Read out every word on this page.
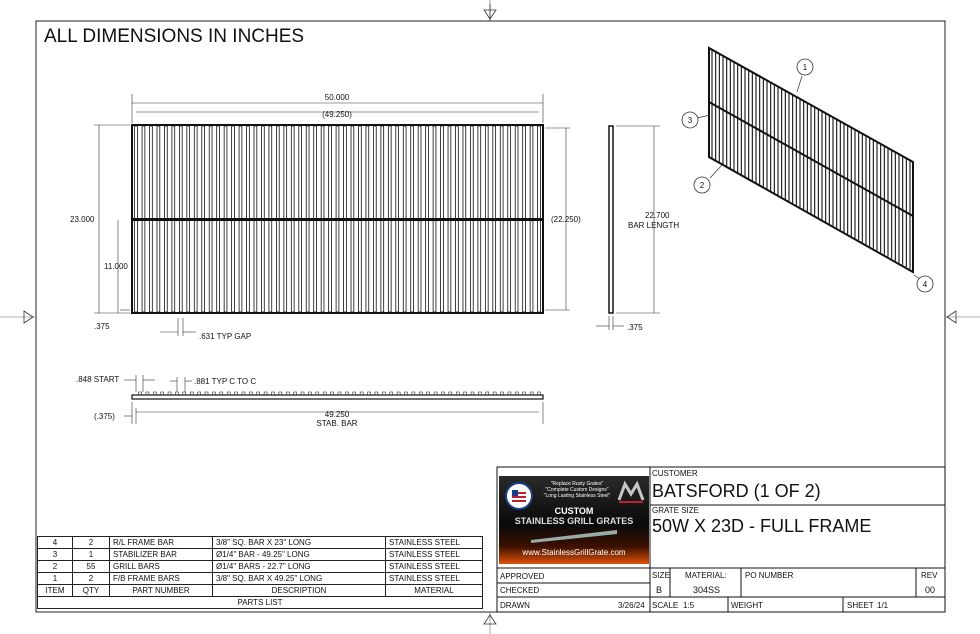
50.000
(49.250)
23.000	(22.250)
11.000
.375
.631 TYP GAP
22.700
BAR LENGTH
.375
.848 START	.881 TYP C TO C
(.375)	49.250
STAB. BAR
1
2
3
4
ALL DIMENSIONS IN INCHES
4	2	R/L FRAME BAR	3/8" SQ. BAR X 23" LONG	STAINLESS STEEL
3	1	STABILIZER BAR	Ø1/4" BAR - 49.25" LONG	STAINLESS STEEL
2	55	GRILL BARS	Ø1/4" BARS - 22.7" LONG	STAINLESS STEEL
1	2	F/B FRAME BARS	3/8" SQ. BAR X 49.25" LONG	STAINLESS STEEL
ITEM	QTY	PART NUMBER	DESCRIPTION	MATERIAL
PARTS LIST				
"Replace Rusty Grates"
"Complete Custom Designs"
"Long Lasting Stainless Steel"
CUSTOM
STAINLESS GRILL GRATES
www.StainlessGrillGrate.com
CUSTOMER
BATSFORD (1 OF 2)
GRATE SIZE
50W X 23D - FULL FRAME
APPROVED
CHECKED
DRAWN	3/26/24
SIZE
B
MATERIAL:
304SS
PO NUMBER	REV
00
SCALE 1:5	WEIGHT	SHEET 1/1
